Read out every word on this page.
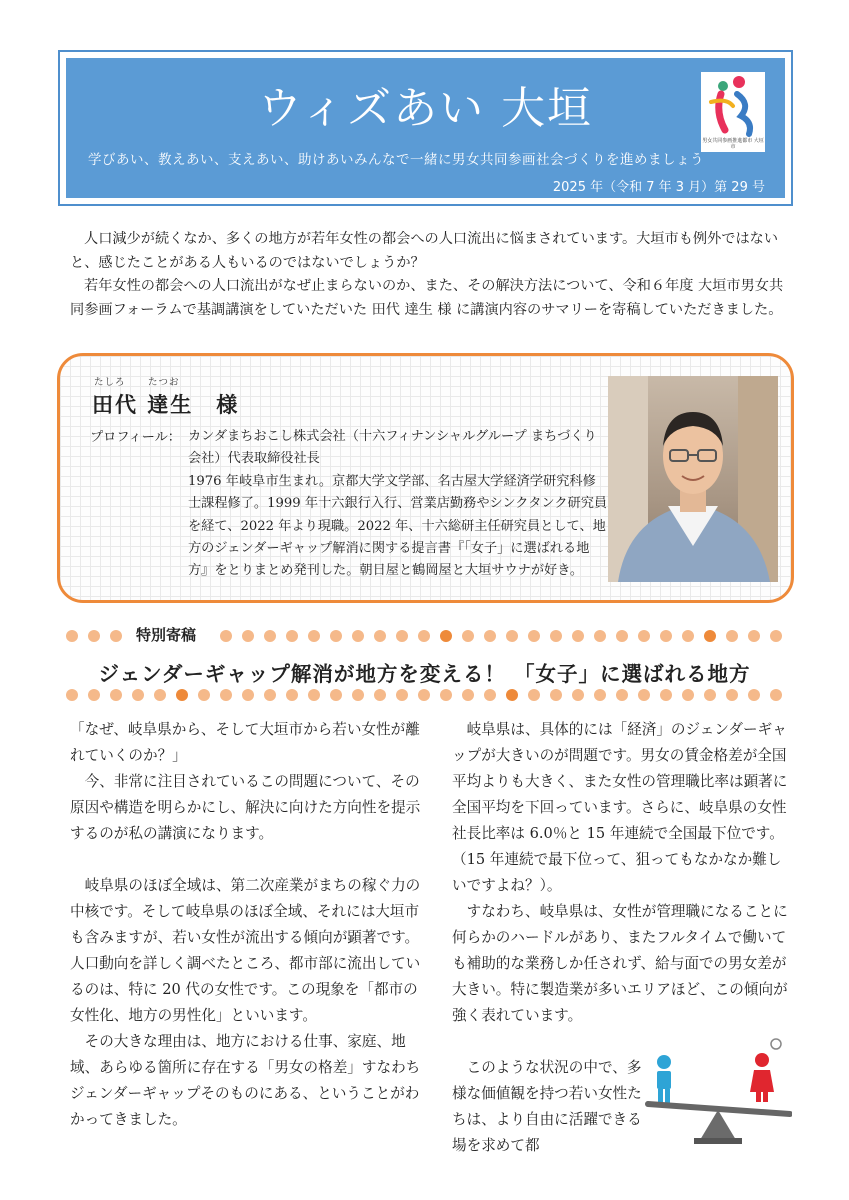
ウィズあい 大垣
学びあい、教えあい、支えあい、助けあいみんなで一緒に男女共同参画社会づくりを進めましょう
2025 年（令和 7 年 3 月）第 29 号
男女共同参画推進都市 大垣市

人口減少が続くなか、多くの地方が若年女性の都会への人口流出に悩まされています。大垣市も例外ではないと、感じたことがある人もいるのではないでしょうか？

若年女性の都会への人口流出がなぜ止まらないのか、また、その解決方法について、令和６年度 大垣市男女共同参画フォーラムで基調講演をしていただいた 田代 達生 様 に講演内容のサマリーを寄稿していただきました。

たしろ たつお
田代 達生　様
プロフィール： カンダまちおこし株式会社（十六フィナンシャルグループ まちづくり会社）代表取締役社長

1976 年岐阜市生まれ。京都大学文学部、名古屋大学経済学研究科修士課程修了。1999 年十六銀行入行、営業店勤務やシンクタンク研究員を経て、2022 年より現職。2022 年、十六総研主任研究員として、地方のジェンダーギャップ解消に関する提言書『「女子」に選ばれる地方』をとりまとめ発刊した。朝日屋と鶴岡屋と大垣サウナが好き。

特別寄稿
ジェンダーギャップ解消が地方を変える！ 「女子」に選ばれる地方

「なぜ、岐阜県から、そして大垣市から若い女性が離れていくのか？」

　今、非常に注目されているこの問題について、その原因や構造を明らかにし、解決に向けた方向性を提示するのが私の講演になります。

　岐阜県のほぼ全域は、第二次産業がまちの稼ぐ力の中核です。そして岐阜県のほぼ全域、それには大垣市も含みますが、若い女性が流出する傾向が顕著です。人口動向を詳しく調べたところ、都市部に流出しているのは、特に 20 代の女性です。この現象を「都市の女性化、地方の男性化」といいます。

　その大きな理由は、地方における仕事、家庭、地域、あらゆる箇所に存在する「男女の格差」すなわちジェンダーギャップそのものにある、ということがわかってきました。

　岐阜県は、具体的には「経済」のジェンダーギャップが大きいのが問題です。男女の賃金格差が全国平均よりも大きく、また女性の管理職比率は顕著に全国平均を下回っています。さらに、岐阜県の女性社長比率は 6.0％と 15 年連続で全国最下位です。（15 年連続で最下位って、狙ってもなかなか難しいですよね？）。

　すなわち、岐阜県は、女性が管理職になることに何らかのハードルがあり、またフルタイムで働いても補助的な業務しか任されず、給与面での男女差が大きい。特に製造業が多いエリアほど、この傾向が強く表れています。

　このような状況の中で、多様な価値観を持つ若い女性たちは、より自由に活躍できる場を求めて都
